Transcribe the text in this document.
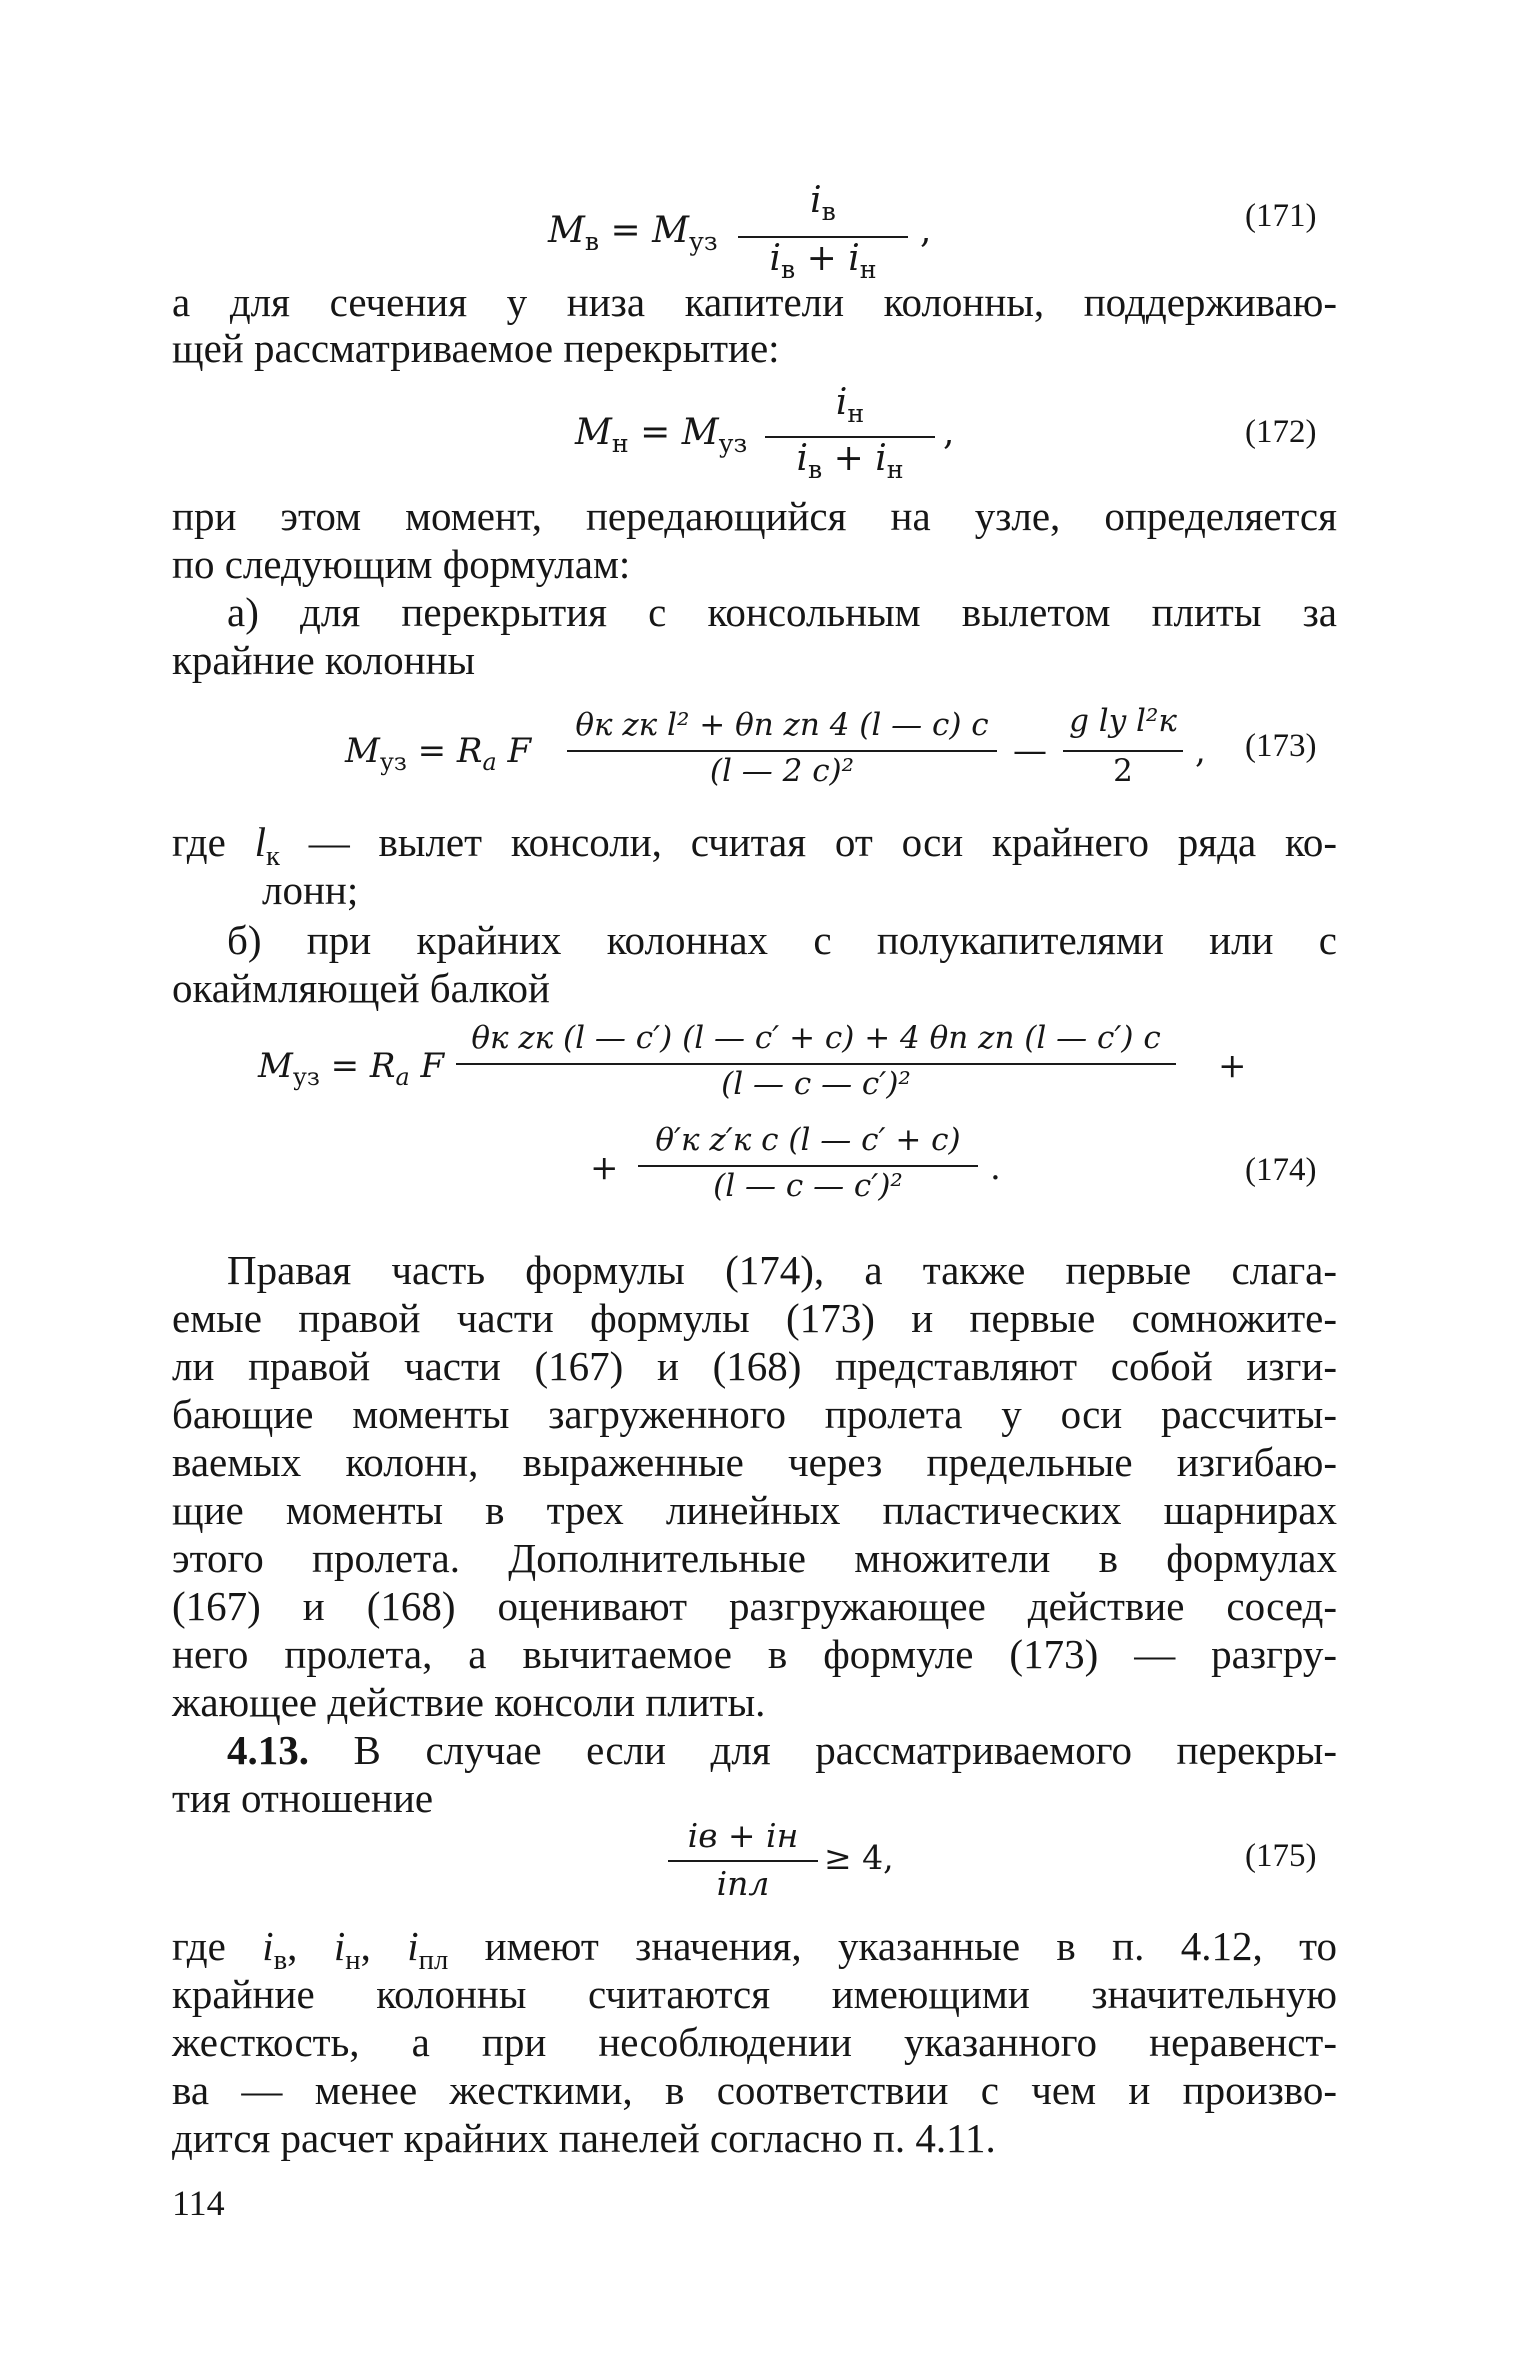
$M_в = M_{уз}$
$i_в$
$i_в + i_н$
,	(171)
а для сечения у низа капители колонны, поддерживаю-
щей рассматриваемое перекрытие:
$M_н = M_{уз}$
$i_н$
$i_в + i_н$
,	(172)
при этом момент, передающийся на узле, определяется
по следующим формулам:
а) для перекрытия с консольным вылетом плиты за
крайние колонны
$M_{уз} = R_a$ F
θк zк l² + θп zп 4 (l — c) c
(l — 2 c)²	—
g ly l²к
2	, (173)
где $l_к$ — вылет консоли, считая от оси крайнего ряда ко-
лонн;
б) при крайних колоннах с полукапителями или с
окаймляющей балкой
$M_{уз} = R_a$ F
θк zк (l — c′) (l — c′ + c) + 4 θп zп (l — c′) c
(l — c — c′)²	+
+
θ′к z′к c (l — c′ + c)
(l — c — c′)²	.	(174)
Правая часть формулы (174), а также первые слага-
емые правой части формулы (173) и первые сомножите-
ли правой части (167) и (168) представляют собой изги-
бающие моменты загруженного пролета у оси рассчиты-
ваемых колонн, выраженные через предельные изгибаю-
щие моменты в трех линейных пластических шарнирах
этого пролета. Дополнительные множители в формулах
(167) и (168) оценивают разгружающее действие сосед-
него пролета, а вычитаемое в формуле (173) — разгру-
жающее действие консоли плиты.
4.13. В случае если для рассматриваемого перекры-
тия отношение
iв + iн
iпл
≥ 4,	(175)
где $i_в$, $i_н$, $i_{пл}$ имеют значения, указанные в п. 4.12, то
крайние колонны считаются имеющими значительную
жесткость, а при несоблюдении указанного неравенст-
ва — менее жесткими, в соответствии с чем и произво-
дится расчет крайних панелей согласно п. 4.11.
114
